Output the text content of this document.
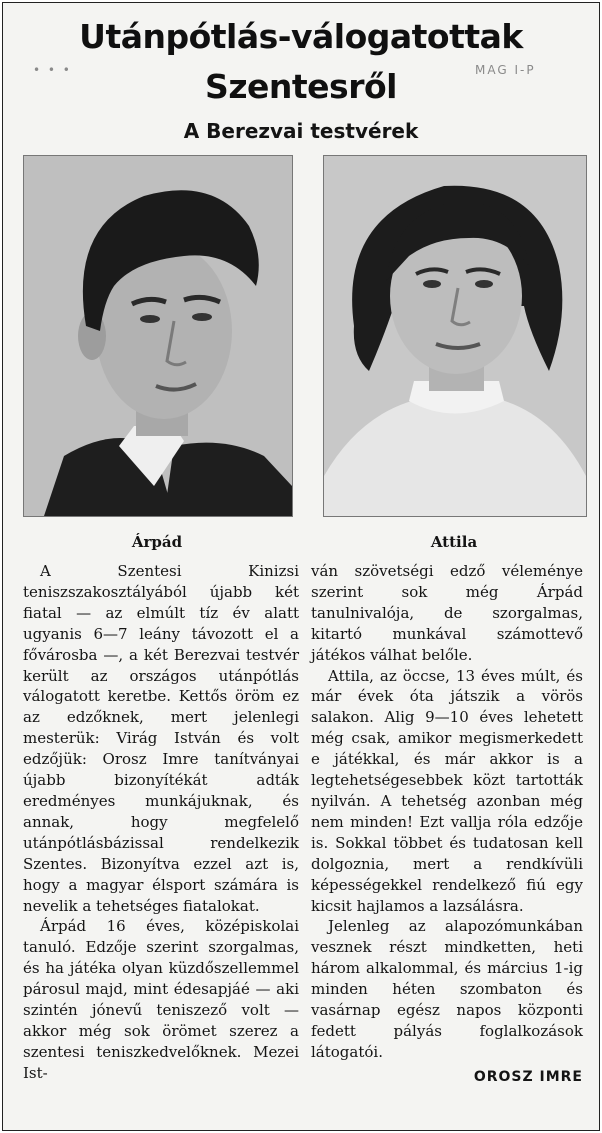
• • •	MAG I-P
Utánpótlás-válogatottak
Szentesről
A Berezvai testvérek
Árpád	Attila

A Szentesi Kinizsi teniszszakosztályából újabb két fiatal — az elmúlt tíz év alatt ugyanis 6—7 leány távozott el a fővárosba —, a két Berezvai testvér került az országos utánpótlás válogatott keretbe. Kettős öröm ez az edzőknek, mert jelenlegi mesterük: Virág István és volt edzőjük: Orosz Imre tanítványai újabb bizonyítékát adták eredményes munkájuknak, és annak, hogy megfelelő utánpótlásbázissal rendelkezik Szentes. Bizonyítva ezzel azt is, hogy a magyar élsport számára is nevelik a tehetséges fiatalokat.

Árpád 16 éves, középiskolai tanuló. Edzője szerint szorgalmas, és ha játéka olyan küzdőszellemmel párosul majd, mint édesapjáé — aki szintén jónevű teniszező volt — akkor még sok örömet szerez a szentesi teniszkedvelőknek. Mezei Ist-

ván szövetségi edző véleménye szerint sok még Árpád tanulnivalója, de szorgalmas, kitartó munkával számottevő játékos válhat belőle.

Attila, az öccse, 13 éves múlt, és már évek óta játszik a vörös salakon. Alig 9—10 éves lehetett még csak, amikor megismerkedett e játékkal, és már akkor is a legtehetségesebbek közt tartották nyilván. A tehetség azonban még nem minden! Ezt vallja róla edzője is. Sokkal többet és tudatosan kell dolgoznia, mert a rendkívüli képességekkel rendelkező fiú egy kicsit hajlamos a lazsálásra.

Jelenleg az alapozómunkában vesznek részt mindketten, heti három alkalommal, és március 1-ig minden héten szombaton és vasárnap egész napos központi fedett pályás foglalkozások látogatói.

OROSZ IMRE
